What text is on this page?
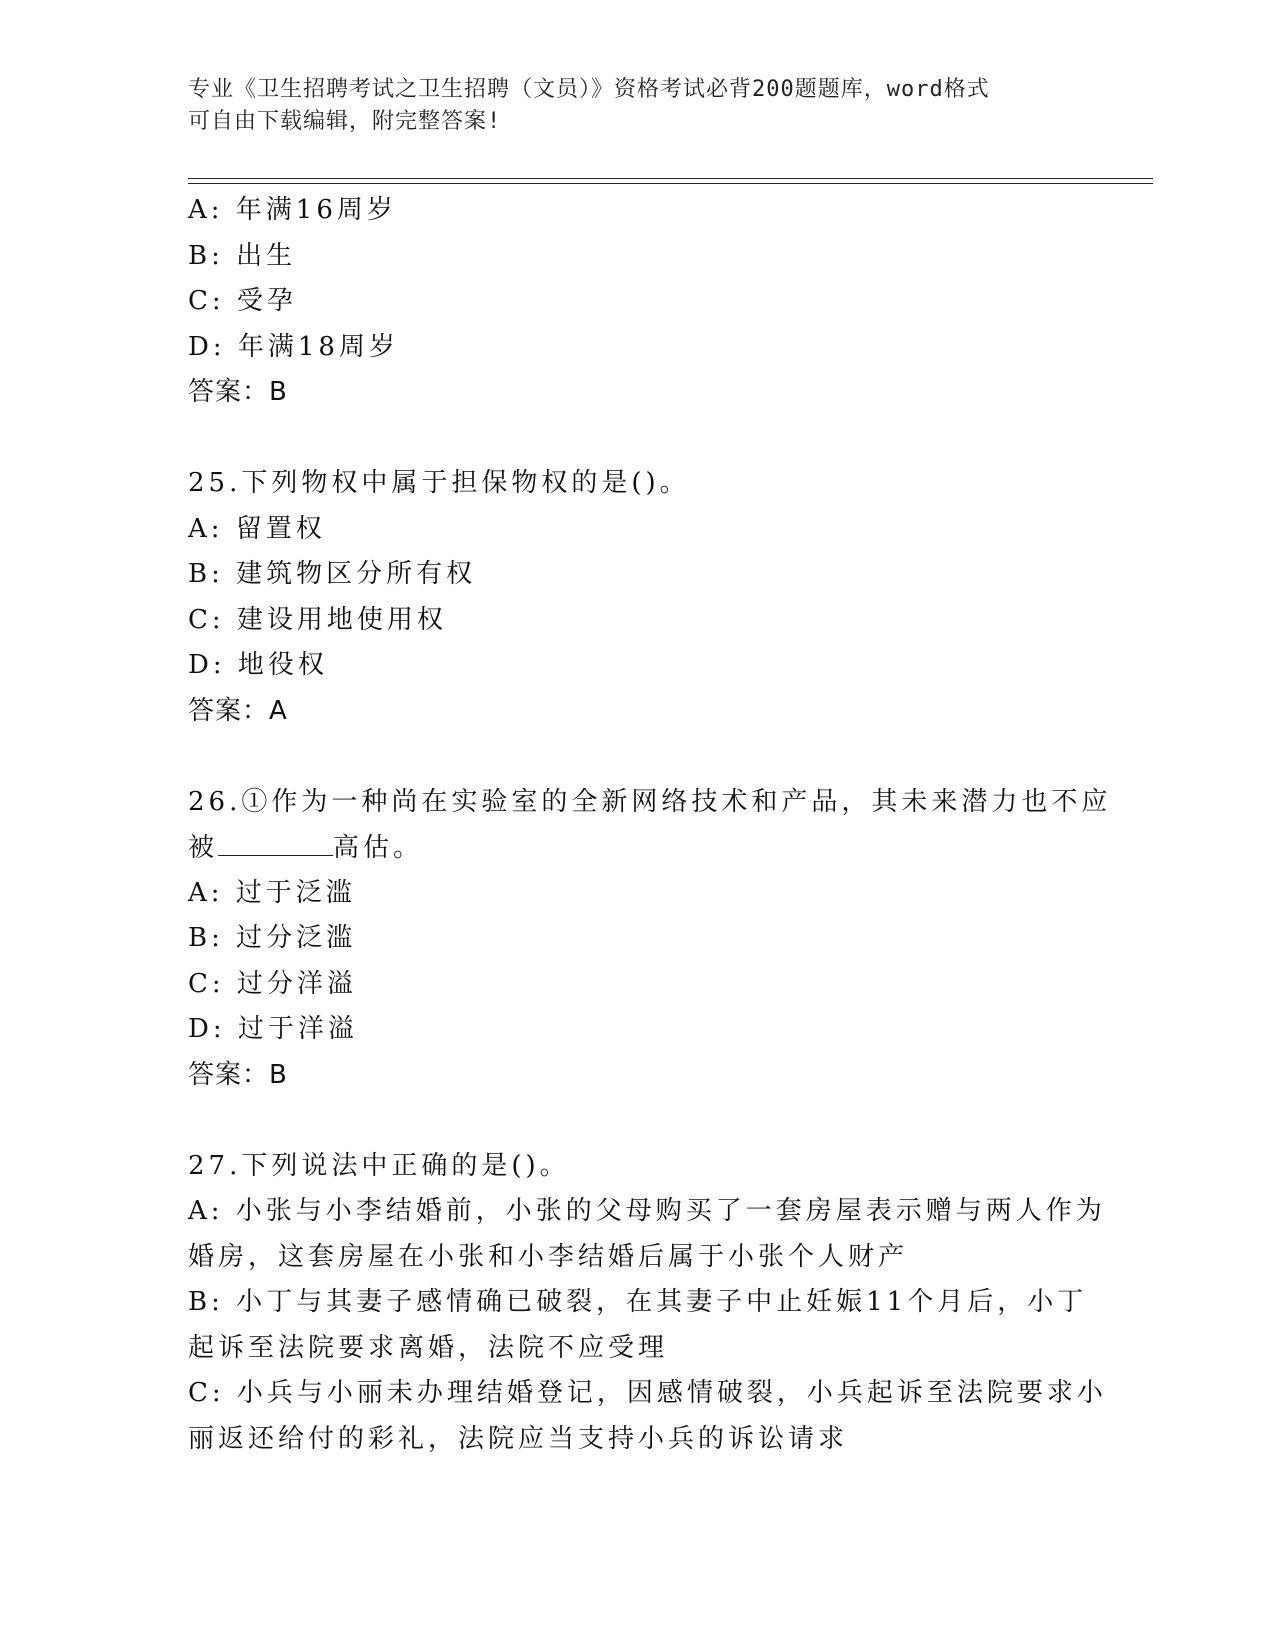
专业《卫生招聘考试之卫生招聘（文员）》资格考试必背200题题库，word格式
可自由下载编辑，附完整答案!
A: 年满16周岁
B: 出生
C: 受孕
D: 年满18周岁
答案：B
25.下列物权中属于担保物权的是()。
A: 留置权
B: 建筑物区分所有权
C: 建设用地使用权
D: 地役权
答案：A
26.①作为一种尚在实验室的全新网络技术和产品，其未来潜力也不应
被	高估。
A: 过于泛滥
B: 过分泛滥
C: 过分洋溢
D: 过于洋溢
答案：B
27.下列说法中正确的是()。
A: 小张与小李结婚前，小张的父母购买了一套房屋表示赠与两人作为
婚房，这套房屋在小张和小李结婚后属于小张个人财产
B: 小丁与其妻子感情确已破裂，在其妻子中止妊娠11个月后，小丁
起诉至法院要求离婚，法院不应受理
C: 小兵与小丽未办理结婚登记，因感情破裂，小兵起诉至法院要求小
丽返还给付的彩礼，法院应当支持小兵的诉讼请求
